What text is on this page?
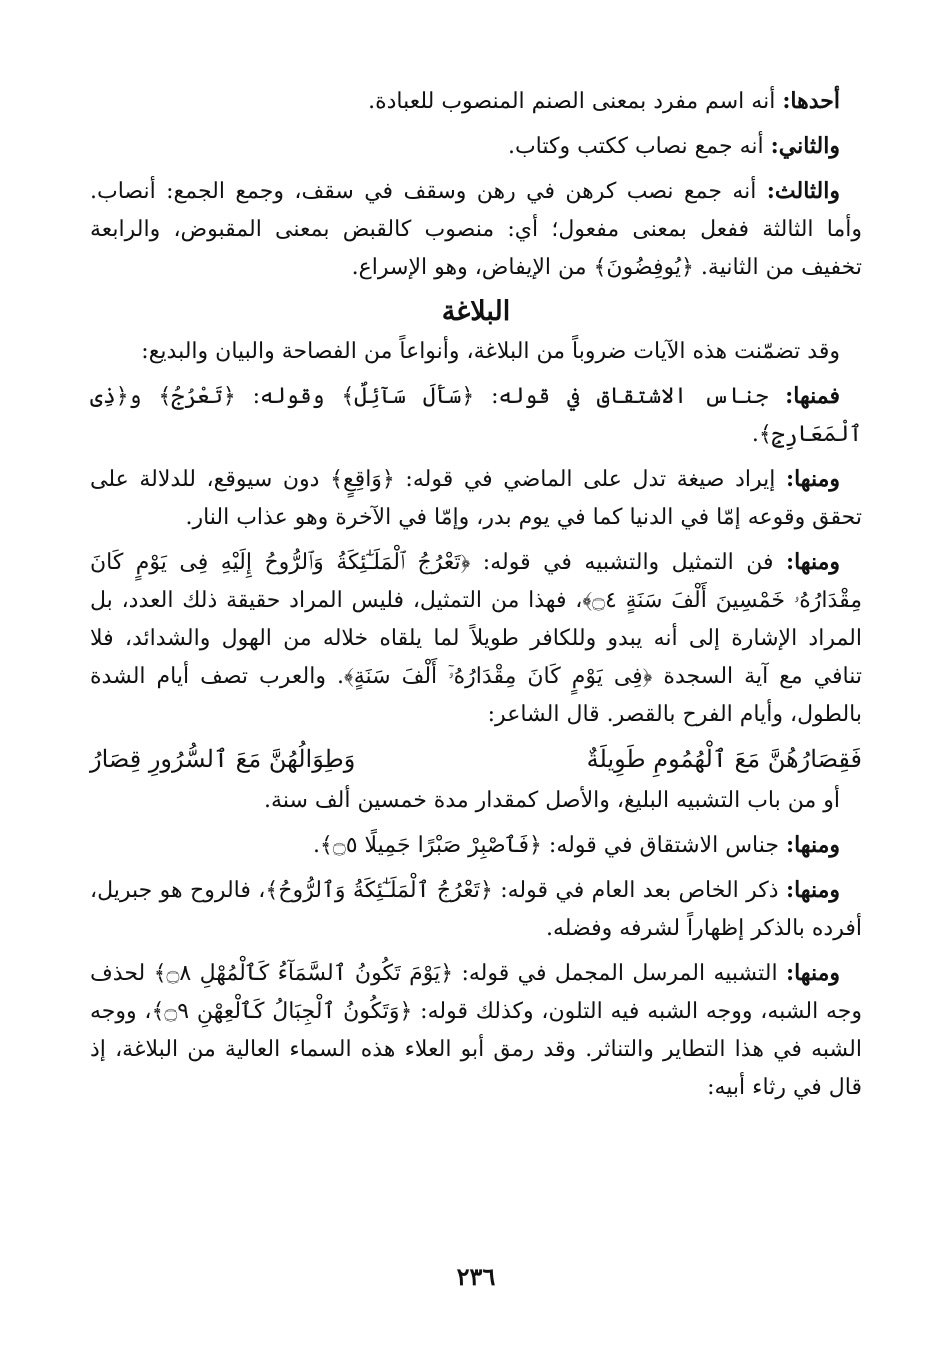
أحدها: أنه اسم مفرد بمعنى الصنم المنصوب للعبادة.

والثاني: أنه جمع نصاب ككتب وكتاب.

والثالث: أنه جمع نصب كرهن في رهن وسقف في سقف، وجمع الجمع: أنصاب. وأما الثالثة ففعل بمعنى مفعول؛ أي: منصوب كالقبض بمعنى المقبوض، والرابعة تخفيف من الثانية. ﴿يُوفِضُونَ﴾ من الإيفاض، وهو الإسراع.

البلاغة

وقد تضمّنت هذه الآيات ضروباً من البلاغة، وأنواعاً من الفصاحة والبيان والبديع:

فمنها: جناس الاشتقاق في قوله: ﴿سَأَلَ سَآئِلٌ﴾ وقوله: ﴿تَعْرُجُ﴾ و﴿ذِى ٱلْمَعَارِجِ﴾.

ومنها: إيراد صيغة تدل على الماضي في قوله: ﴿وَاقِعٍ﴾ دون سيوقع، للدلالة على تحقق وقوعه إمّا في الدنيا كما في يوم بدر، وإمّا في الآخرة وهو عذاب النار.

ومنها: فن التمثيل والتشبيه في قوله: ﴿تَعْرُجُ ٱلْمَلَـٰٓئِكَةُ وَٱلرُّوحُ إِلَيْهِ فِى يَوْمٍ كَانَ مِقْدَارُهُۥ خَمْسِينَ أَلْفَ سَنَةٍ ۝٤﴾، فهذا من التمثيل، فليس المراد حقيقة ذلك العدد، بل المراد الإشارة إلى أنه يبدو وللكافر طويلاً لما يلقاه خلاله من الهول والشدائد، فلا تنافي مع آية السجدة ﴿فِى يَوْمٍ كَانَ مِقْدَارُهُۥٓ أَلْفَ سَنَةٍ﴾. والعرب تصف أيام الشدة بالطول، وأيام الفرح بالقصر. قال الشاعر:

فَقِصَارُهُنَّ مَعَ ٱلْهُمُومِ طَوِيلَةٌ
وَطِوَالُهُنَّ مَعَ ٱلسُّرُورِ قِصَارُ

أو من باب التشبيه البليغ، والأصل كمقدار مدة خمسين ألف سنة.

ومنها: جناس الاشتقاق في قوله: ﴿فَٱصْبِرْ صَبْرًا جَمِيلًا ۝٥﴾.

ومنها: ذكر الخاص بعد العام في قوله: ﴿تَعْرُجُ ٱلْمَلَـٰٓئِكَةُ وَٱلرُّوحُ﴾، فالروح هو جبريل، أفرده بالذكر إظهاراً لشرفه وفضله.

ومنها: التشبيه المرسل المجمل في قوله: ﴿يَوْمَ تَكُونُ ٱلسَّمَآءُ كَٱلْمُهْلِ ۝٨﴾ لحذف وجه الشبه، ووجه الشبه فيه التلون، وكذلك قوله: ﴿وَتَكُونُ ٱلْجِبَالُ كَٱلْعِهْنِ ۝٩﴾، ووجه الشبه في هذا التطاير والتناثر. وقد رمق أبو العلاء هذه السماء العالية من البلاغة، إذ قال في رثاء أبيه:

٢٣٦
